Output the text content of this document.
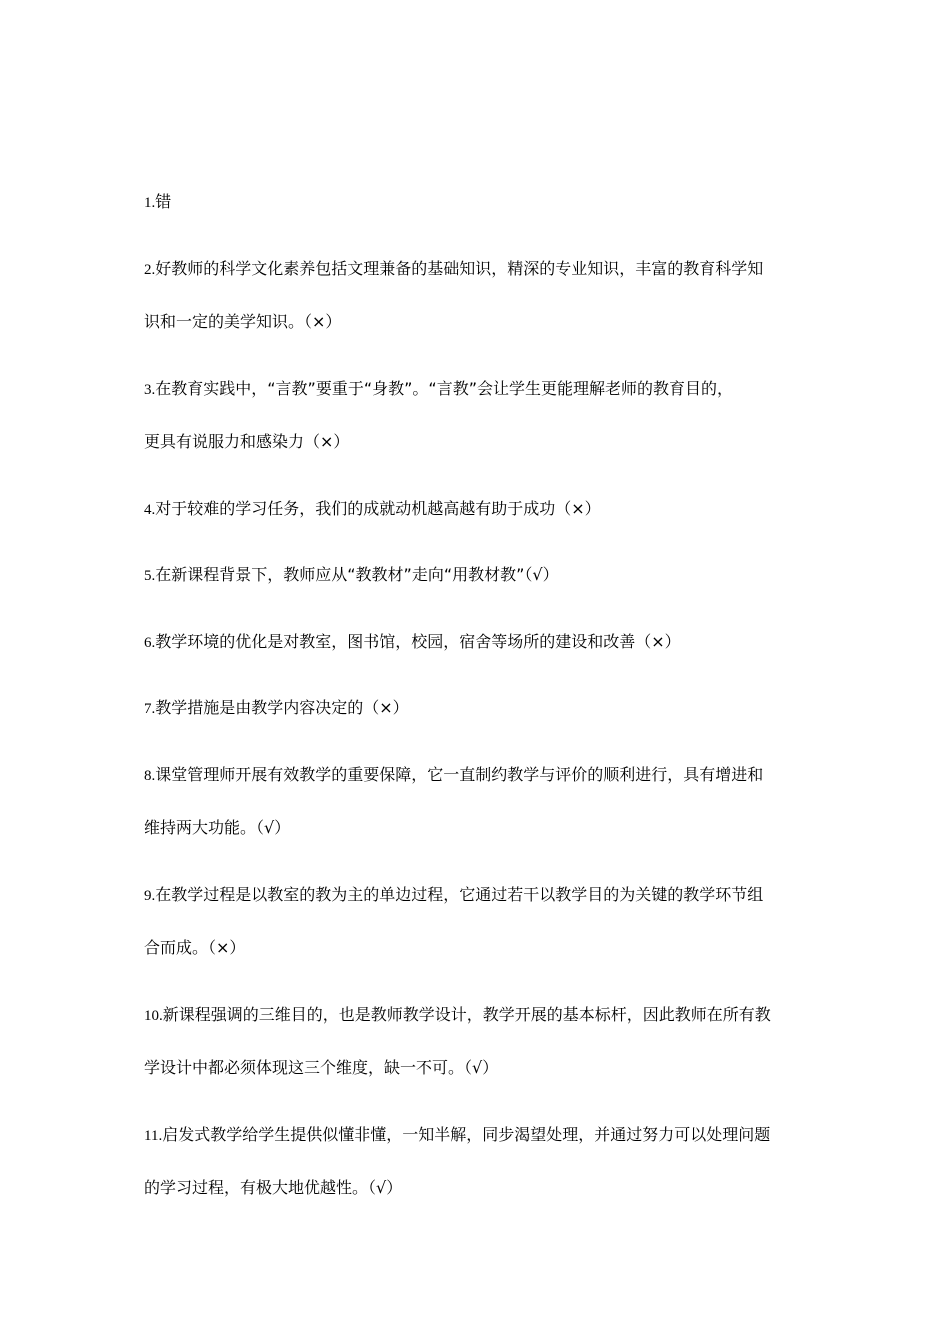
1.错
2.好教师的科学文化素养包括文理兼备的基础知识，精深的专业知识，丰富的教育科学知
识和一定的美学知识。（×）
3.在教育实践中，“言教”要重于“身教”。“言教”会让学生更能理解老师的教育目的，
更具有说服力和感染力（×）
4.对于较难的学习任务，我们的成就动机越高越有助于成功（×）
5.在新课程背景下，教师应从“教教材”走向“用教材教”（√）
6.教学环境的优化是对教室，图书馆，校园，宿舍等场所的建设和改善（×）
7.教学措施是由教学内容决定的（×）
8.课堂管理师开展有效教学的重要保障，它一直制约教学与评价的顺利进行，具有增进和
维持两大功能。（√）
9.在教学过程是以教室的教为主的单边过程，它通过若干以教学目的为关键的教学环节组
合而成。（×）
10.新课程强调的三维目的，也是教师教学设计，教学开展的基本标杆，因此教师在所有教
学设计中都必须体现这三个维度，缺一不可。（√）
11.启发式教学给学生提供似懂非懂，一知半解，同步渴望处理，并通过努力可以处理问题
的学习过程，有极大地优越性。（√）
